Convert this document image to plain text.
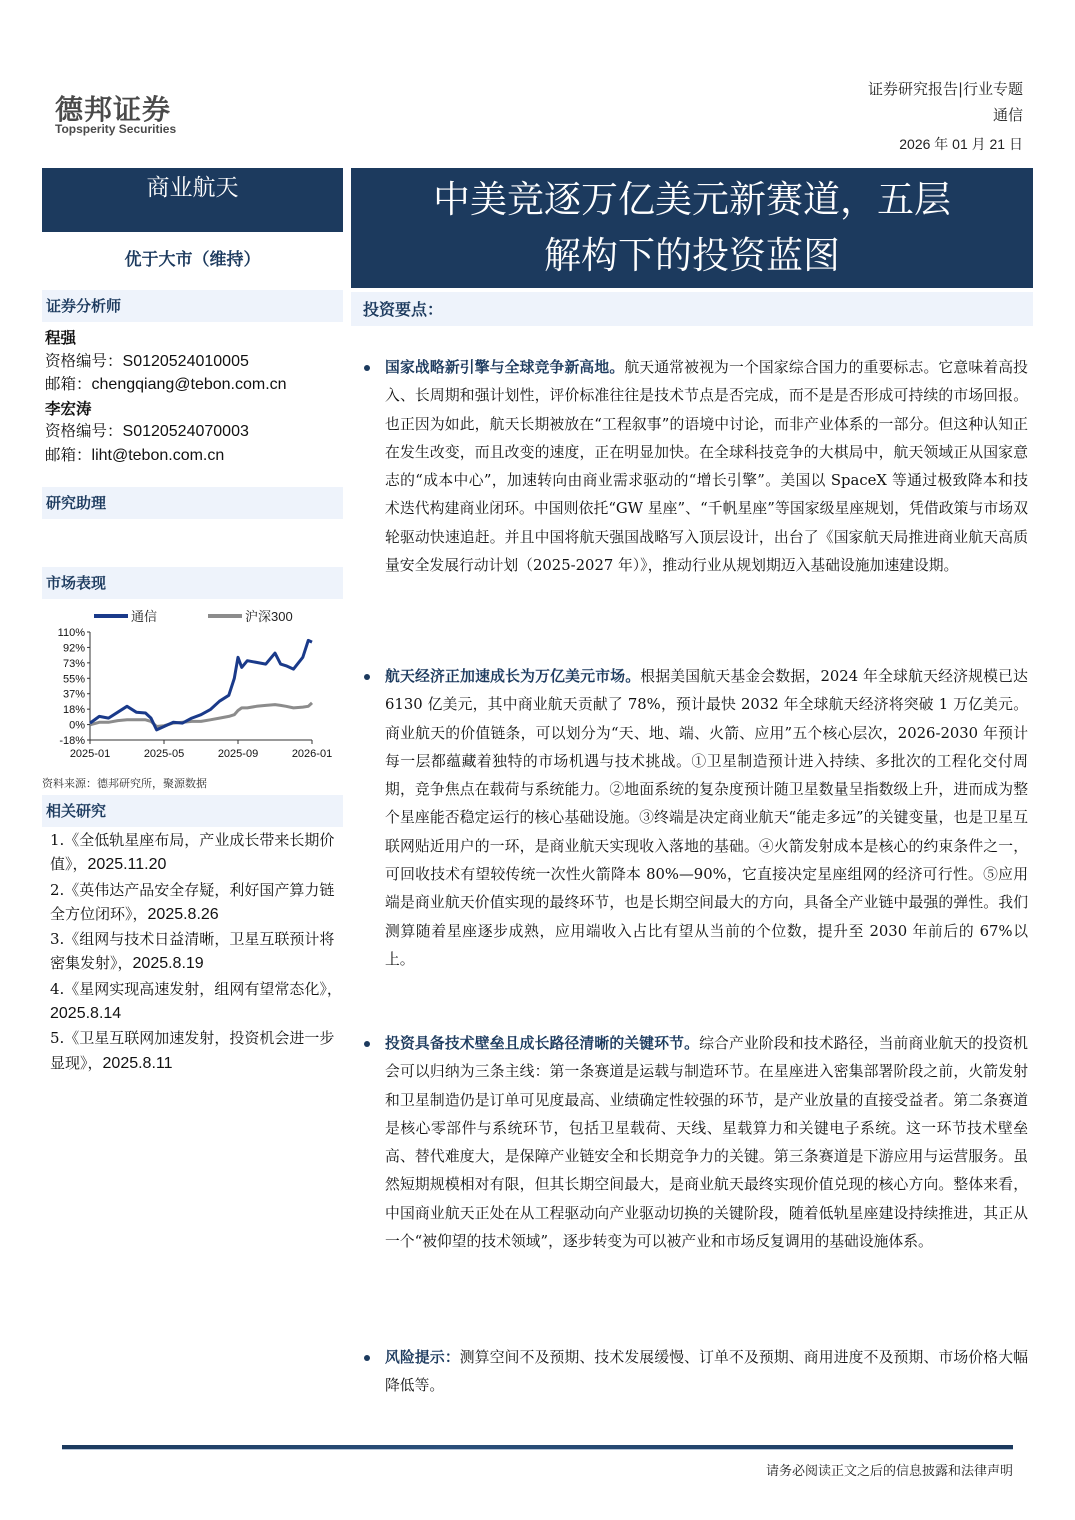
德邦证券
Topsperity Securities
证券研究报告|行业专题
通信
2026 年 01 月 21 日
商业航天
优于大市（维持）
中美竞逐万亿美元新赛道，五层
解构下的投资蓝图
投资要点：
证券分析师
程强
资格编号：S0120524010005
邮箱：chengqiang@tebon.com.cn
李宏涛
资格编号：S0120524070003
邮箱：liht@tebon.com.cn
研究助理
市场表现
通信	沪深300
110%
92%
73%
55%
37%
18%
0%
-18%
2025-01	2025-05	2025-09	2026-01
资料来源：德邦研究所，聚源数据
相关研究
1.《全低轨星座布局，产业成长带来长期价值》，2025.11.20
2.《英伟达产品安全存疑，利好国产算力链全方位闭环》，2025.8.26
3.《组网与技术日益清晰，卫星互联预计将密集发射》，2025.8.19
4.《星网实现高速发射，组网有望常态化》，2025.8.14
5.《卫星互联网加速发射，投资机会进一步显现》，2025.8.11
国家战略新引擎与全球竞争新高地。航天通常被视为一个国家综合国力的重要标志。它意味着高投入、长周期和强计划性，评价标准往往是技术节点是否完成，而不是是否形成可持续的市场回报。也正因为如此，航天长期被放在“工程叙事”的语境中讨论，而非产业体系的一部分。但这种认知正在发生改变，而且改变的速度，正在明显加快。在全球科技竞争的大棋局中，航天领域正从国家意志的“成本中心”，加速转向由商业需求驱动的“增长引擎”。美国以 SpaceX 等通过极致降本和技术迭代构建商业闭环。中国则依托“GW 星座”、“千帆星座”等国家级星座规划，凭借政策与市场双轮驱动快速追赶。并且中国将航天强国战略写入顶层设计，出台了《国家航天局推进商业航天高质量安全发展行动计划（2025-2027 年）》，推动行业从规划期迈入基础设施加速建设期。
航天经济正加速成长为万亿美元市场。根据美国航天基金会数据，2024 年全球航天经济规模已达 6130 亿美元，其中商业航天贡献了 78%，预计最快 2032 年全球航天经济将突破 1 万亿美元。商业航天的价值链条，可以划分为“天、地、端、火箭、应用”五个核心层次，2026-2030 年预计每一层都蕴藏着独特的市场机遇与技术挑战。①卫星制造预计进入持续、多批次的工程化交付周期，竞争焦点在载荷与系统能力。②地面系统的复杂度预计随卫星数量呈指数级上升，进而成为整个星座能否稳定运行的核心基础设施。③终端是决定商业航天“能走多远”的关键变量，也是卫星互联网贴近用户的一环，是商业航天实现收入落地的基础。④火箭发射成本是核心的约束条件之一，可回收技术有望较传统一次性火箭降本 80%—90%，它直接决定星座组网的经济可行性。⑤应用端是商业航天价值实现的最终环节，也是长期空间最大的方向，具备全产业链中最强的弹性。我们测算随着星座逐步成熟，应用端收入占比有望从当前的个位数，提升至 2030 年前后的 67%以上。
投资具备技术壁垒且成长路径清晰的关键环节。综合产业阶段和技术路径，当前商业航天的投资机会可以归纳为三条主线：第一条赛道是运载与制造环节。在星座进入密集部署阶段之前，火箭发射和卫星制造仍是订单可见度最高、业绩确定性较强的环节，是产业放量的直接受益者。第二条赛道是核心零部件与系统环节，包括卫星载荷、天线、星载算力和关键电子系统。这一环节技术壁垒高、替代难度大，是保障产业链安全和长期竞争力的关键。第三条赛道是下游应用与运营服务。虽然短期规模相对有限，但其长期空间最大，是商业航天最终实现价值兑现的核心方向。整体来看，中国商业航天正处在从工程驱动向产业驱动切换的关键阶段，随着低轨星座建设持续推进，其正从一个“被仰望的技术领域”，逐步转变为可以被产业和市场反复调用的基础设施体系。
风险提示：测算空间不及预期、技术发展缓慢、订单不及预期、商用进度不及预期、市场价格大幅降低等。
请务必阅读正文之后的信息披露和法律声明
